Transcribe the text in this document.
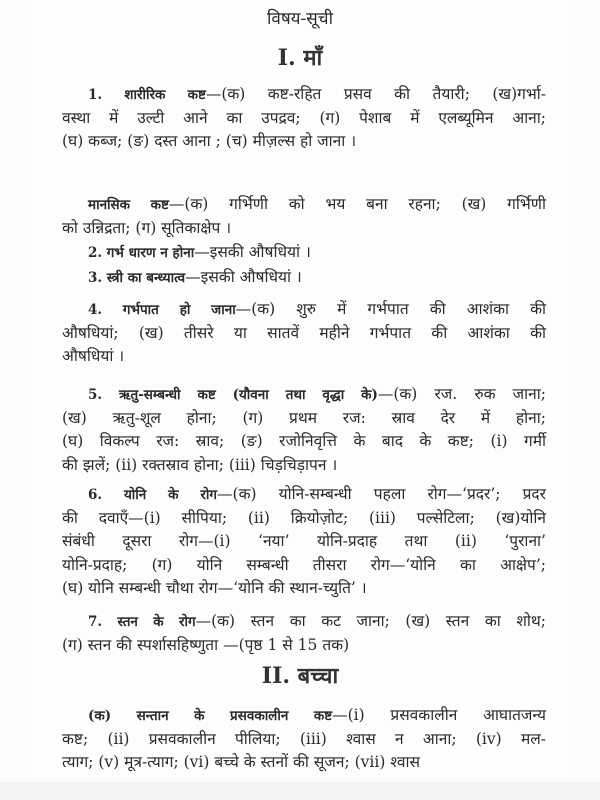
विषय-सूची
I. माँ
II. बच्चा
1. शारीरिक कष्ट—(क) कष्ट-रहित प्रसव की तैयारी; (ख)गर्भा-
वस्था में उल्टी आने का उपद्रव; (ग) पेशाब में एलब्यूमिन आना;
(घ) कब्ज; (ङ) दस्त आना ; (च) मीज़ल्स हो जाना ।
मानसिक कष्ट—(क) गर्भिणी को भय बना रहना; (ख) गर्भिणी
को उन्निद्रता; (ग) सूतिकाक्षेप ।
2. गर्भ धारण न होना—इसकी औषधियां ।
3. स्त्री का बन्ध्यात्व—इसकी औषधियां ।
4. गर्भपात हो जाना—(क) शुरु में गर्भपात की आशंका की
औषधियां; (ख) तीसरे या सातवें महीने गर्भपात की आशंका की
औषधियां ।
5. ऋतु-सम्बन्धी कष्ट (यौवना तथा वृद्धा के)—(क) रज. रुक जाना;
(ख) ऋतु-शूल होना; (ग) प्रथम रज: स्राव देर में होना;
(घ) विकल्प रज: स्राव; (ङ) रजोनिवृत्ति के बाद के कष्ट; (i) गर्मी
की झलें; (ii) रक्तस्राव होना; (iii) चिड़चिड़ापन ।
6. योनि के रोग—(क) योनि-सम्बन्धी पहला रोग—‘प्रदर’; प्रदर
की दवाएँ—(i) सीपिया; (ii) क्रियोज़ोट; (iii) पल्सेटिला; (ख)योनि
संबंधी दूसरा रोग—(i) ‘नया’ योनि-प्रदाह तथा (ii) ‘पुराना’
योनि-प्रदाह; (ग) योनि सम्बन्धी तीसरा रोग—‘योनि का आक्षेप’;
(घ) योनि सम्बन्धी चौथा रोग—‘योनि की स्थान-च्युति’ ।
7. स्तन के रोग—(क) स्तन का कट जाना; (ख) स्तन का शोथ;
(ग) स्तन की स्पर्शासहिष्णुता —(पृष्ठ 1 से 15 तक)
(क) सन्तान के प्रसवकालीन कष्ट—(i) प्रसवकालीन आघातजन्य
कष्ट; (ii) प्रसवकालीन पीलिया; (iii) श्वास न आना; (iv) मल-
त्याग; (v) मूत्र-त्याग; (vi) बच्चे के स्तनों की सूजन; (vii) श्वास
